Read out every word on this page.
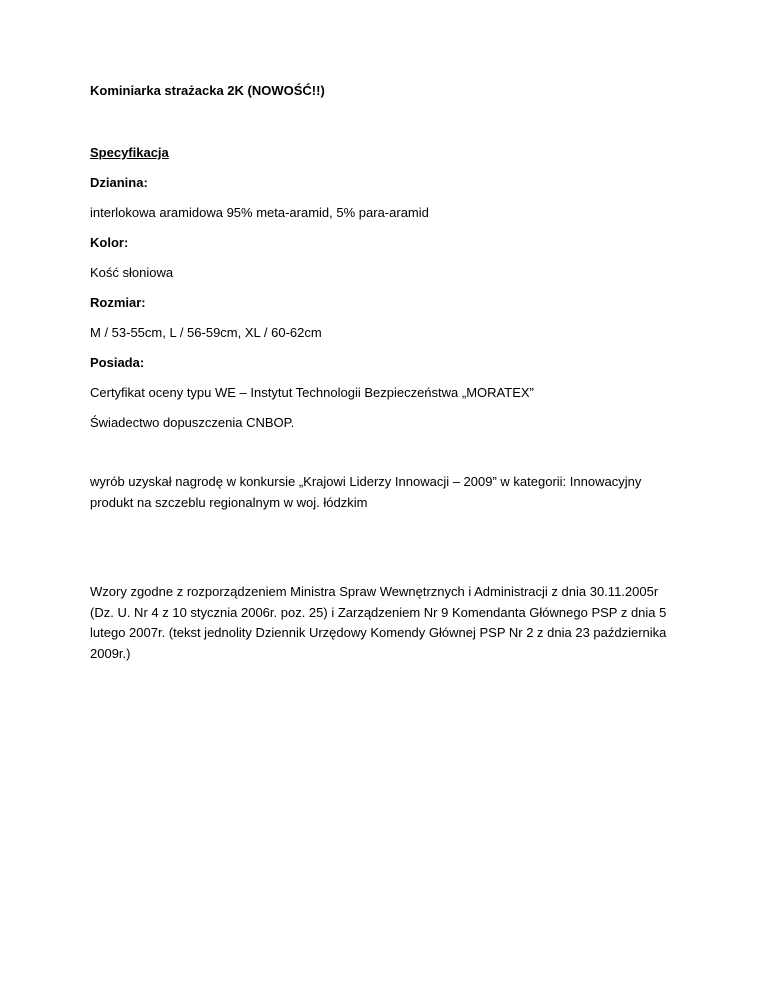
Kominiarka strażacka 2K (NOWOŚĆ!!)

Specyfikacja

Dzianina:

interlokowa aramidowa 95% meta-aramid, 5% para-aramid

Kolor:

Kość słoniowa

Rozmiar:

M / 53-55cm, L / 56-59cm, XL / 60-62cm

Posiada:

Certyfikat oceny typu WE – Instytut Technologii Bezpieczeństwa „MORATEX”

Świadectwo dopuszczenia CNBOP.

wyrób uzyskał nagrodę w konkursie „Krajowi Liderzy Innowacji – 2009” w kategorii: Innowacyjny produkt na szczeblu regionalnym w woj. łódzkim

Wzory zgodne z rozporządzeniem Ministra Spraw Wewnętrznych i Administracji z dnia 30.11.2005r (Dz. U. Nr 4 z 10 stycznia 2006r. poz. 25) i Zarządzeniem Nr 9 Komendanta Głównego PSP z dnia 5 lutego 2007r. (tekst jednolity Dziennik Urzędowy Komendy Głównej PSP Nr 2 z dnia 23 października 2009r.)
